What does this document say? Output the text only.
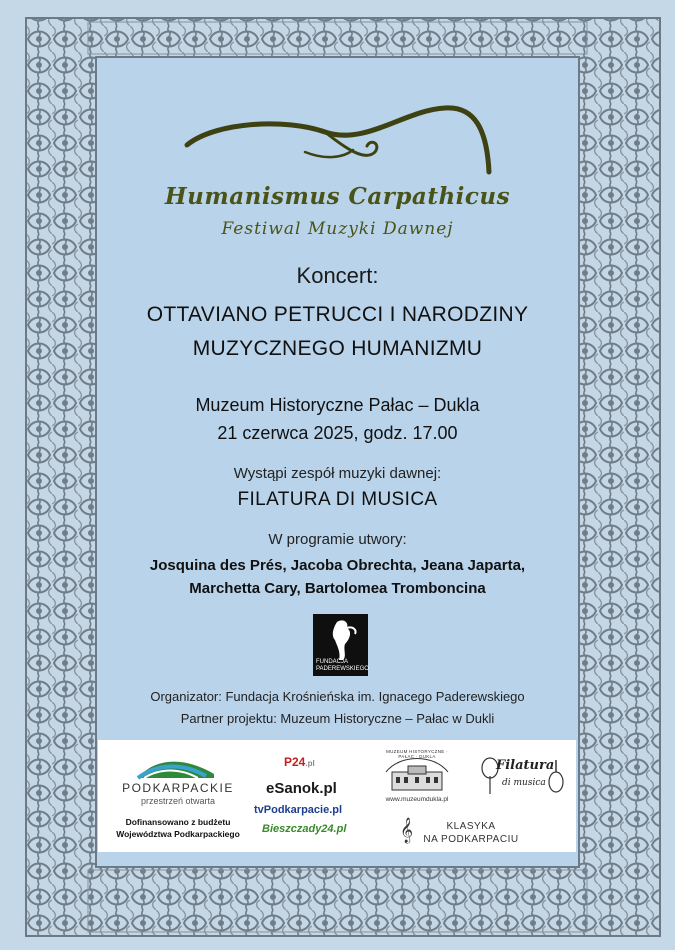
Humanismus Carpathicus
Festiwal Muzyki Dawnej
Koncert:
OTTAVIANO PETRUCCI I NARODZINY
MUZYCZNEGO HUMANIZMU
Muzeum Historyczne Pałac – Dukla
21 czerwca 2025, godz. 17.00
Wystąpi zespół muzyki dawnej:
FILATURA DI MUSICA
W programie utwory:
Josquina des Prés, Jacoba Obrechta, Jeana Japarta,
Marchetta Cary, Bartolomea Tromboncina
FUNDACJA
PADEREWSKIEGO
Organizator: Fundacja Krośnieńska im. Ignacego Paderewskiego
Partner projektu: Muzeum Historyczne – Pałac w Dukli
PODKARPACKIE
przestrzeń otwarta
Dofinansowano z budżetu
Województwa Podkarpackiego
P24.pl
eSanok.pl
tvPodkarpacie.pl
Bieszczady24.pl
MUZEUM HISTORYCZNE · PAŁAC · DUKLA
www.muzeumdukla.pl
Filatura
di musica
𝄞	KLASYKA
NA PODKARPACIU
